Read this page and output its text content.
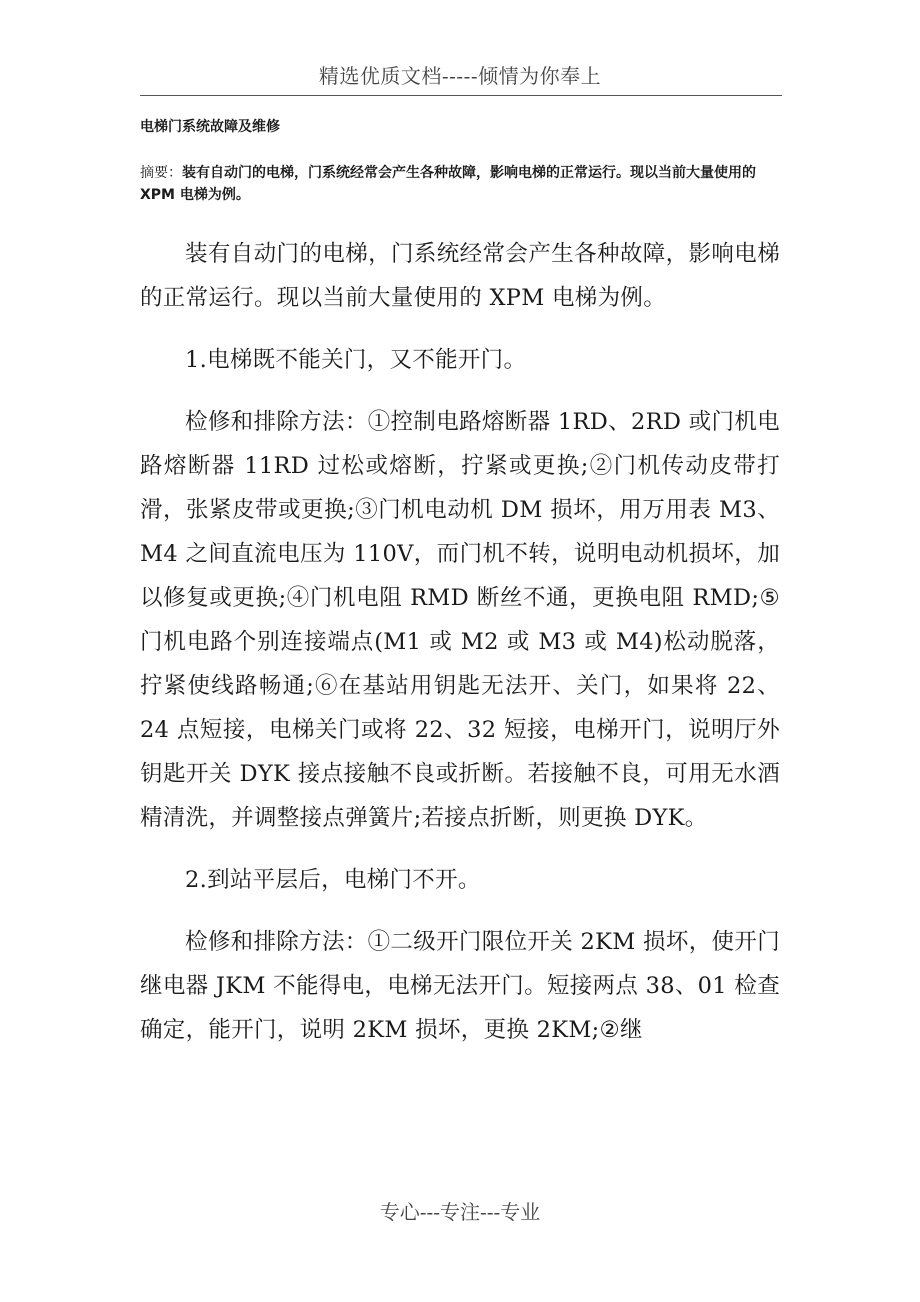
精选优质文档-----倾情为你奉上
电梯门系统故障及维修

摘要：装有自动门的电梯，门系统经常会产生各种故障，影响电梯的正常运行。现以当前大量使用的 XPM 电梯为例。

装有自动门的电梯，门系统经常会产生各种故障，影响电梯的正常运行。现以当前大量使用的 XPM 电梯为例。

1.电梯既不能关门，又不能开门。

检修和排除方法：①控制电路熔断器 1RD、2RD 或门机电路熔断器 11RD 过松或熔断，拧紧或更换;②门机传动皮带打滑，张紧皮带或更换;③门机电动机 DM 损坏，用万用表 M3、M4 之间直流电压为 110V，而门机不转，说明电动机损坏，加以修复或更换;④门机电阻 RMD 断丝不通，更换电阻 RMD;⑤门机电路个别连接端点(M1 或 M2 或 M3 或 M4)松动脱落，拧紧使线路畅通;⑥在基站用钥匙无法开、关门，如果将 22、24 点短接，电梯关门或将 22、32 短接，电梯开门，说明厅外钥匙开关 DYK 接点接触不良或折断。若接触不良，可用无水酒精清洗，并调整接点弹簧片;若接点折断，则更换 DYK。

2.到站平层后，电梯门不开。

检修和排除方法：①二级开门限位开关 2KM 损坏，使开门继电器 JKM 不能得电，电梯无法开门。短接两点 38、01 检查确定，能开门，说明 2KM 损坏，更换 2KM;②继

专心---专注---专业
